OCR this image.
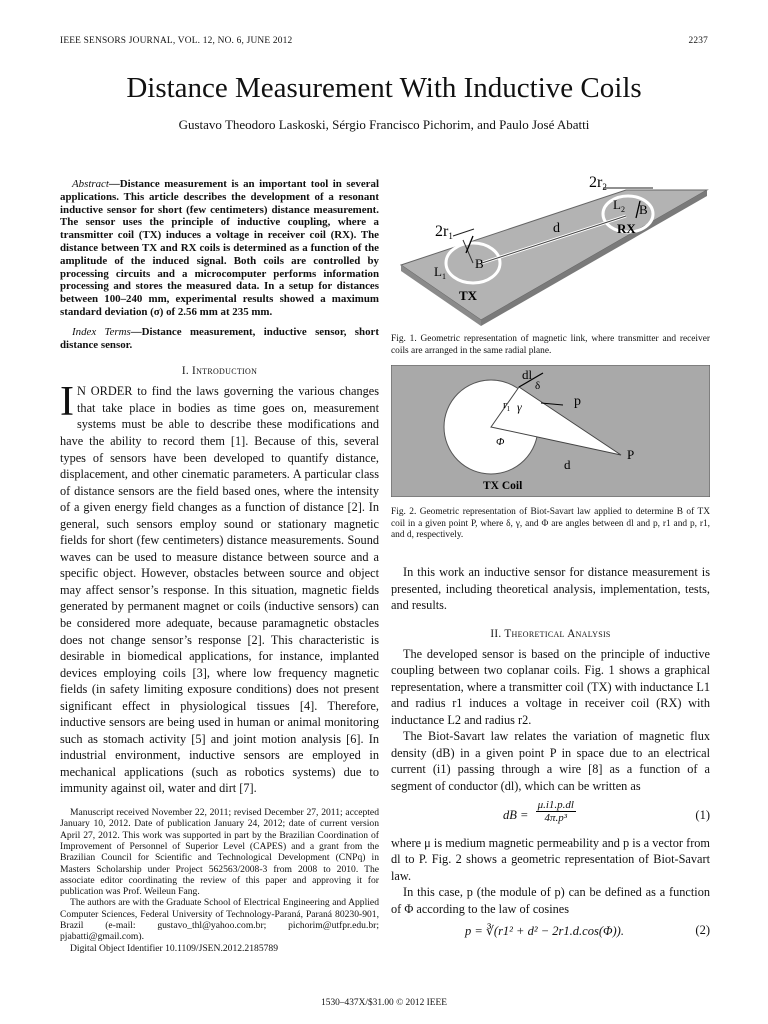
IEEE SENSORS JOURNAL, VOL. 12, NO. 6, JUNE 2012	2237
Distance Measurement With Inductive Coils
Gustavo Theodoro Laskoski, Sérgio Francisco Pichorim, and Paulo José Abatti
Abstract—Distance measurement is an important tool in several applications. This article describes the development of a resonant inductive sensor for short (few centimeters) distance measurement. The sensor uses the principle of inductive coupling, where a transmitter coil (TX) induces a voltage in receiver coil (RX). The distance between TX and RX coils is determined as a function of the amplitude of the induced signal. Both coils are controlled by processing circuits and a microcomputer performs information processing and stores the measured data. In a setup for distances between 100–240 mm, experimental results showed a maximum standard deviation (σ) of 2.56 mm at 235 mm.
Index Terms—Distance measurement, inductive sensor, short distance sensor.
I. Introduction

I N ORDER to find the laws governing the various changes that take place in bodies as time goes on, measurement systems must be able to describe these modifications and have the ability to record them [1]. Because of this, several types of sensors have been developed to quantify distance, displacement, and other cinematic parameters. A particular class of distance sensors are the field based ones, where the intensity of a given energy field changes as a function of distance [2]. In general, such sensors employ sound or stationary magnetic fields for short (few centimeters) distance measurements. Sound waves can be used to measure distance between source and a specific object. However, obstacles between source and object may affect sensor’s response. In this situation, magnetic fields generated by permanent magnet or coils (inductive sensors) can be considered more adequate, because paramagnetic obstacles does not change sensor’s response [2]. This characteristic is desirable in biomedical applications, for instance, implanted devices employing coils [3], where low frequency magnetic fields (in safety limiting exposure conditions) does not present significant effect in physiological tissues [4]. Therefore, inductive sensors are being used in human or animal monitoring such as stomach activity [5] and joint motion analysis [6]. In industrial environment, inductive sensors are employed in mechanical applications (such as robotics systems) due to immunity against oil, water and dirt [7].

Manuscript received November 22, 2011; revised December 27, 2011; accepted January 10, 2012. Date of publication January 24, 2012; date of current version April 27, 2012. This work was supported in part by the Brazilian Coordination of Improvement of Personnel of Superior Level (CAPES) and a grant from the Brazilian Council for Scientific and Technological Development (CNPq) in Masters Scholarship under Project 562563/2008-3 from 2008 to 2010. The associate editor coordinating the review of this paper and approving it for publication was Prof. Weileun Fang.

The authors are with the Graduate School of Electrical Engineering and Applied Computer Sciences, Federal University of Technology-Paraná, Paraná 80230-901, Brazil (e-mail: gustavo_thl@yahoo.com.br; pichorim@utfpr.edu.br; pjabatti@gmail.com).

Digital Object Identifier 10.1109/JSEN.2012.2185789

2r2
$L_2$ B
RX
d
2r1
$L_1$
B
TX

Fig. 1. Geometric representation of magnetic link, where transmitter and receiver coils are arranged in the same radial plane.

dl
δ
γ
$r_1$
Φ
p
d
P
TX Coil

Fig. 2. Geometric representation of Biot-Savart law applied to determine B of TX coil in a given point P, where δ, γ, and Φ are angles between dl and p, r1 and p, r1, and d, respectively.

In this work an inductive sensor for distance measurement is presented, including theoretical analysis, implementation, tests, and results.

II. Theoretical Analysis

The developed sensor is based on the principle of inductive coupling between two coplanar coils. Fig. 1 shows a graphical representation, where a transmitter coil (TX) with inductance L1 and radius r1 induces a voltage in receiver coil (RX) with inductance L2 and radius r2.

The Biot-Savart law relates the variation of magnetic flux density (dB) in a given point P in space due to an electrical current (i1) passing through a wire [8] as a function of a segment of conductor (dl), which can be written as

dB = $\frac{\mu.i1.p.dl}{\text{4π.p³}}$	(1)

where μ is medium magnetic permeability and p is a vector from dl to P. Fig. 2 shows a geometric representation of Biot-Savart law.

In this case, p (the module of p) can be defined as a function of Φ according to the law of cosines

p = ∛(r1² + d² − 2r1.d.cos(Φ)).	(2)
1530–437X/$31.00 © 2012 IEEE
